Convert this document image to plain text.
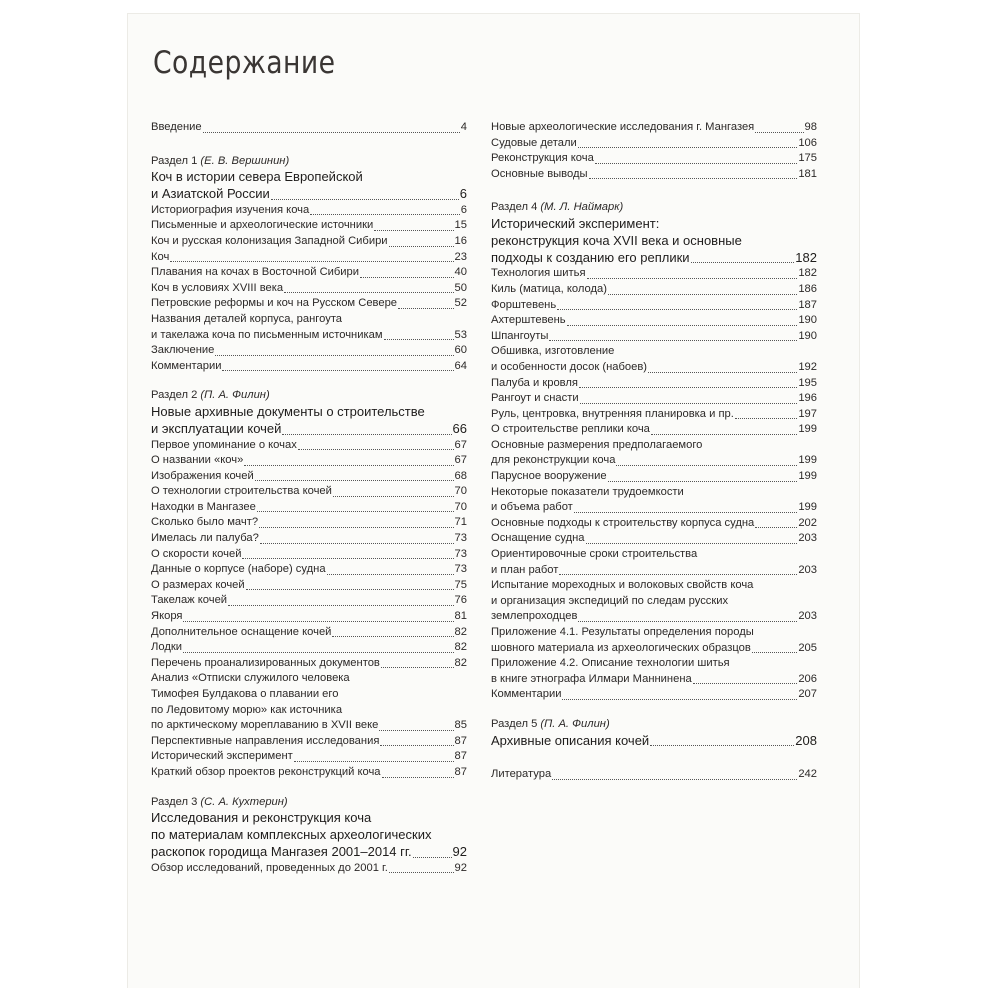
Содержание
Введение	4
Раздел 1 (Е. В. Вершинин)
Коч в истории севера Европейской
и Азиатской России	6
Историография изучения коча	6
Письменные и археологические источники	15
Коч и русская колонизация Западной Сибири	16
Коч	23
Плавания на кочах в Восточной Сибири	40
Коч в условиях XVIII века	50
Петровские реформы и коч на Русском Севере	52
Названия деталей корпуса, рангоута
и такелажа коча по письменным источникам	53
Заключение	60
Комментарии	64
Раздел 2 (П. А. Филин)
Новые архивные документы о строительстве
и эксплуатации кочей	66
Первое упоминание о кочах	67
О названии «коч»	67
Изображения кочей	68
О технологии строительства кочей	70
Находки в Мангазее	70
Сколько было мачт?	71
Имелась ли палуба?	73
О скорости кочей	73
Данные о корпусе (наборе) судна	73
О размерах кочей	75
Такелаж кочей	76
Якоря	81
Дополнительное оснащение кочей	82
Лодки	82
Перечень проанализированных документов	82
Анализ «Отписки служилого человека
Тимофея Булдакова о плавании его
по Ледовитому морю» как источника
по арктическому мореплаванию в XVII веке	85
Перспективные направления исследования	87
Исторический эксперимент	87
Краткий обзор проектов реконструкций коча	87
Раздел 3 (С. А. Кухтерин)
Исследования и реконструкция коча
по материалам комплексных археологических
раскопок городища Мангазея 2001–2014 гг.	92
Обзор исследований, проведенных до 2001 г.	92
Новые археологические исследования г. Мангазея	98
Судовые детали	106
Реконструкция коча	175
Основные выводы	181
Раздел 4 (М. Л. Наймарк)
Исторический эксперимент:
реконструкция коча XVII века и основные
подходы к созданию его реплики	182
Технология шитья	182
Киль (матица, колода)	186
Форштевень	187
Ахтерштевень	190
Шпангоуты	190
Обшивка, изготовление
и особенности досок (набоев)	192
Палуба и кровля	195
Рангоут и снасти	196
Руль, центровка, внутренняя планировка и пр.	197
О строительстве реплики коча	199
Основные размерения предполагаемого
для реконструкции коча	199
Парусное вооружение	199
Некоторые показатели трудоемкости
и объема работ	199
Основные подходы к строительству корпуса судна	202
Оснащение судна	203
Ориентировочные сроки строительства
и план работ	203
Испытание мореходных и волоковых свойств коча
и организация экспедиций по следам русских
землепроходцев	203
Приложение 4.1. Результаты определения породы
шовного материала из археологических образцов	205
Приложение 4.2. Описание технологии шитья
в книге этнографа Илмари Маннинена	206
Комментарии	207
Раздел 5 (П. А. Филин)
Архивные описания кочей	208
Литература	242
